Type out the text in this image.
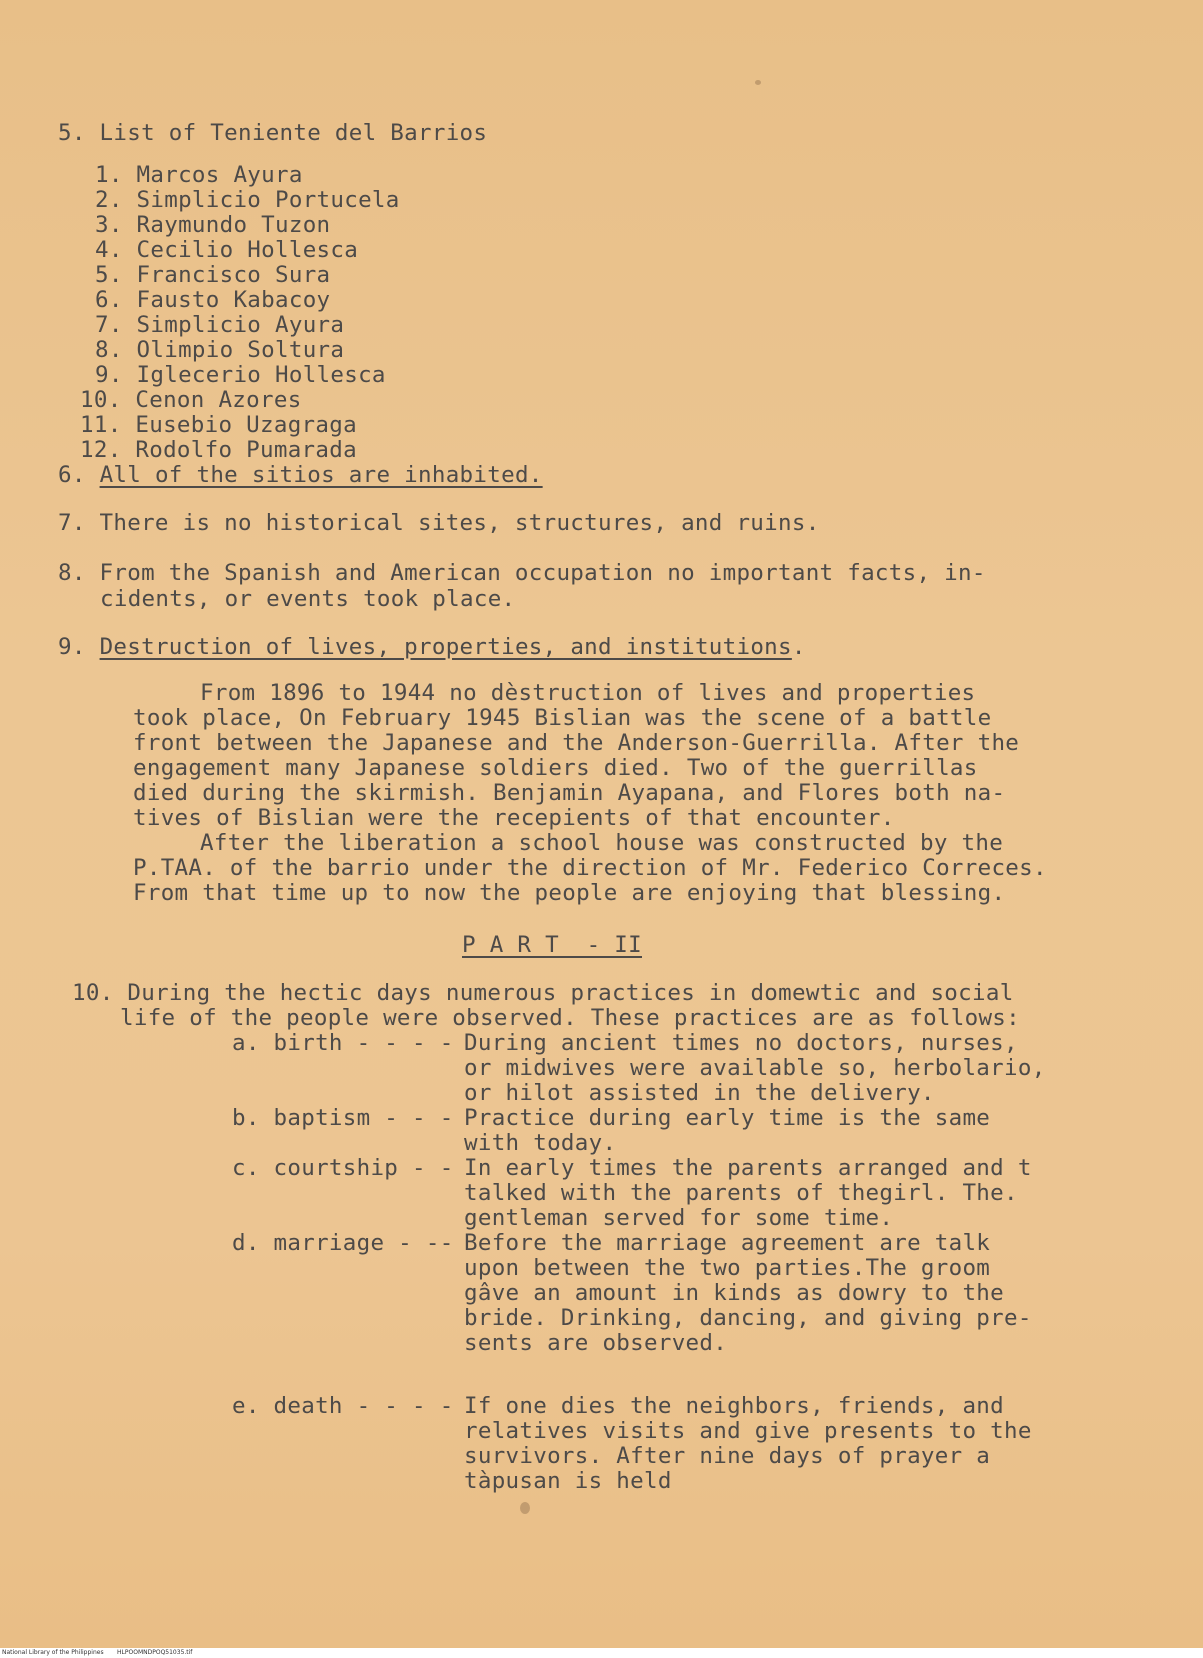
5. List of Teniente del Barrios
1. Marcos Ayura
2. Simplicio Portucela
3. Raymundo Tuzon
4. Cecilio Hollesca
5. Francisco Sura
6. Fausto Kabacoy
7. Simplicio Ayura
8. Olimpio Soltura
9. Iglecerio Hollesca
10. Cenon Azores
11. Eusebio Uzagraga
12. Rodolfo Pumarada
6. All of the sitios are inhabited.
7. There is no historical sites, structures, and ruins.
8. From the Spanish and American occupation no important facts, in-
cidents, or events took place.
9. Destruction of lives, properties, and institutions.
From 1896 to 1944 no dèstruction of lives and properties
took place, On February 1945 Bislian was the scene of a battle
front between the Japanese and the Anderson-Guerrilla. After the
engagement many Japanese soldiers died. Two of the guerrillas
died during the skirmish. Benjamin Ayapana, and Flores both na-
tives of Bislian were the recepients of that encounter.
After the liberation a school house was constructed by the
P.TAA. of the barrio under the direction of Mr. Federico Correces.
From that time up to now the people are enjoying that blessing.
P A R T  - II
10. During the hectic days numerous practices in domewtic and social
life of the people were observed. These practices are as follows:
a. birth - - - - During ancient times no doctors, nurses,
or midwives were available so, herbolario,
or hilot assisted in the delivery.
b. baptism - - - Practice during early time is the same
with today.
c. courtship - - In early times the parents arranged and t
talked with the parents of thegirl. The.
gentleman served for some time.
d. marriage - -- Before the marriage agreement are talk
upon between the two parties.The groom
gâve an amount in kinds as dowry to the
bride. Drinking, dancing, and giving pre-
sents are observed.
e. death - - - - If one dies the neighbors, friends, and
relatives visits and give presents to the
survivors. After nine days of prayer a
tàpusan is held
National Library of the Philippines HLPOOMNDPOQ51035.tif
